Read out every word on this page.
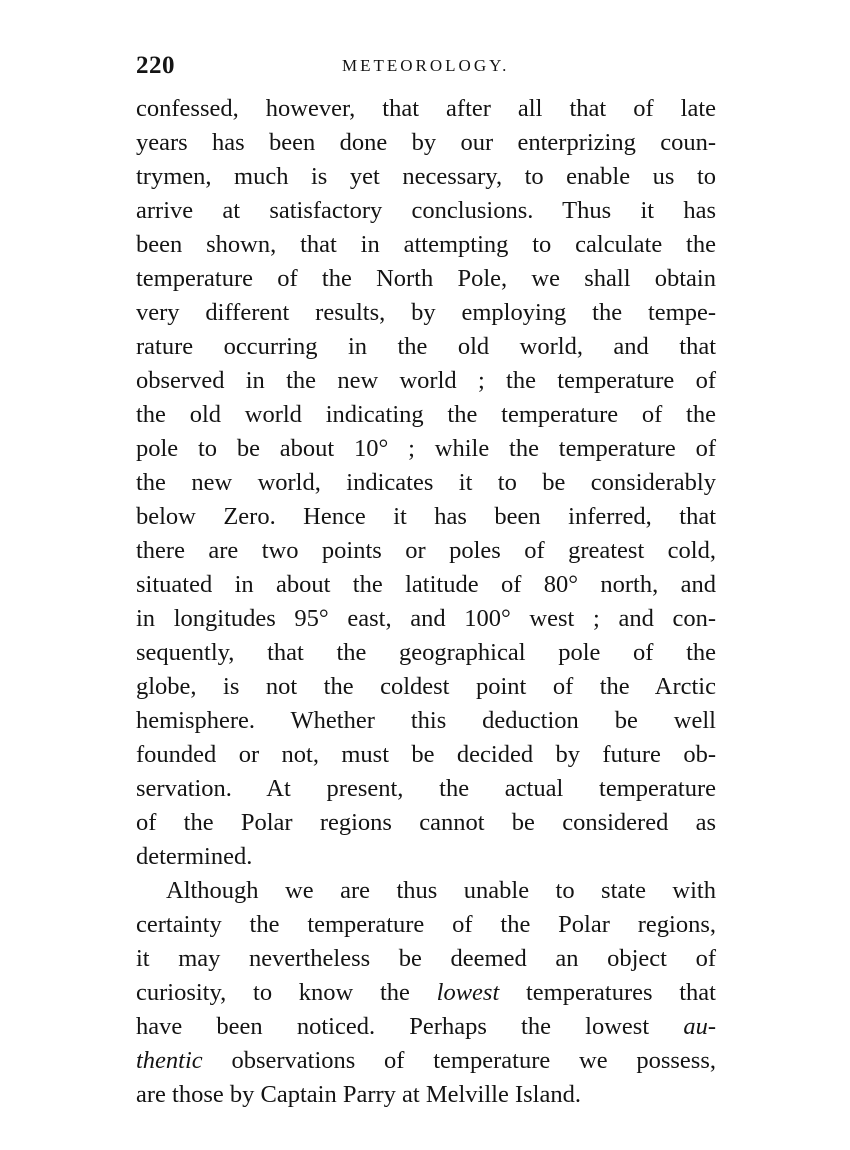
220	METEOROLOGY.
confessed, however, that after all that of late
years has been done by our enterprizing coun-
trymen, much is yet necessary, to enable us to
arrive at satisfactory conclusions. Thus it has
been shown, that in attempting to calculate the
temperature of the North Pole, we shall obtain
very different results, by employing the tempe-
rature occurring in the old world, and that
observed in the new world ; the temperature of
the old world indicating the temperature of the
pole to be about 10° ; while the temperature of
the new world, indicates it to be considerably
below Zero. Hence it has been inferred, that
there are two points or poles of greatest cold,
situated in about the latitude of 80° north, and
in longitudes 95° east, and 100° west ; and con-
sequently, that the geographical pole of the
globe, is not the coldest point of the Arctic
hemisphere. Whether this deduction be well
founded or not, must be decided by future ob-
servation. At present, the actual temperature
of the Polar regions cannot be considered as
determined.
Although we are thus unable to state with
certainty the temperature of the Polar regions,
it may nevertheless be deemed an object of
curiosity, to know the lowest temperatures that
have been noticed. Perhaps the lowest au-
thentic observations of temperature we possess,
are those by Captain Parry at Melville Island.
